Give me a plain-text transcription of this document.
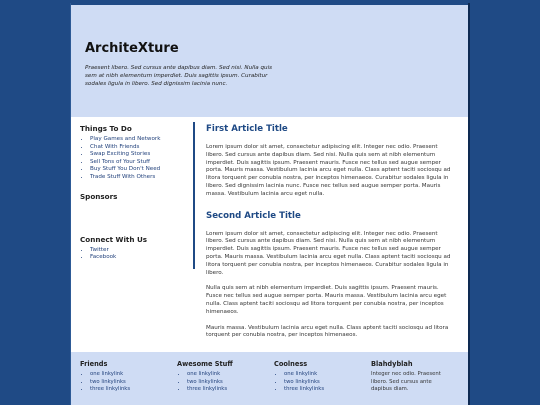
ArchiteXture

Praesent libero. Sed cursus ante dapibus diam. Sed nisi. Nulla quis sem at nibh elementum imperdiet. Duis sagittis ipsum. Curabitur sodales ligula in libero. Sed dignissim lacinia nunc.

Things To Do
• Play Games and Network
• Chat With Friends
• Swap Exciting Stories
• Sell Tons of Your Stuff
• Buy Stuff You Don't Need
• Trade Stuff With Others
Sponsors
Connect With Us
• Twitter
• Facebook
First Article Title

Lorem ipsum dolor sit amet, consectetur adipiscing elit. Integer nec odio. Praesent libero. Sed cursus ante dapibus diam. Sed nisi. Nulla quis sem at nibh elementum imperdiet. Duis sagittis ipsum. Praesent mauris. Fusce nec tellus sed augue semper porta. Mauris massa. Vestibulum lacinia arcu eget nulla. Class aptent taciti sociosqu ad litora torquent per conubia nostra, per inceptos himenaeos. Curabitur sodales ligula in libero. Sed dignissim lacinia nunc. Fusce nec tellus sed augue semper porta. Mauris massa. Vestibulum lacinia arcu eget nulla.

Second Article Title

Lorem ipsum dolor sit amet, consectetur adipiscing elit. Integer nec odio. Praesent libero. Sed cursus ante dapibus diam. Sed nisi. Nulla quis sem at nibh elementum imperdiet. Duis sagittis ipsum. Praesent mauris. Fusce nec tellus sed augue semper porta. Mauris massa. Vestibulum lacinia arcu eget nulla. Class aptent taciti sociosqu ad litora torquent per conubia nostra, per inceptos himenaeos. Curabitur sodales ligula in libero.

Nulla quis sem at nibh elementum imperdiet. Duis sagittis ipsum. Praesent mauris. Fusce nec tellus sed augue semper porta. Mauris massa. Vestibulum lacinia arcu eget nulla. Class aptent taciti sociosqu ad litora torquent per conubia nostra, per inceptos himenaeos.

Mauris massa. Vestibulum lacinia arcu eget nulla. Class aptent taciti sociosqu ad litora torquent per conubia nostra, per inceptos himenaeos.

Friends
• one linkylink
• two linkylinks
• three linkylinks
Awesome Stuff
• one linkylink
• two linkylinks
• three linkylinks
Coolness
• one linkylink
• two linkylinks
• three linkylinks
Blahdyblah

Integer nec odio. Praesent libero. Sed cursus ante dapibus diam.
